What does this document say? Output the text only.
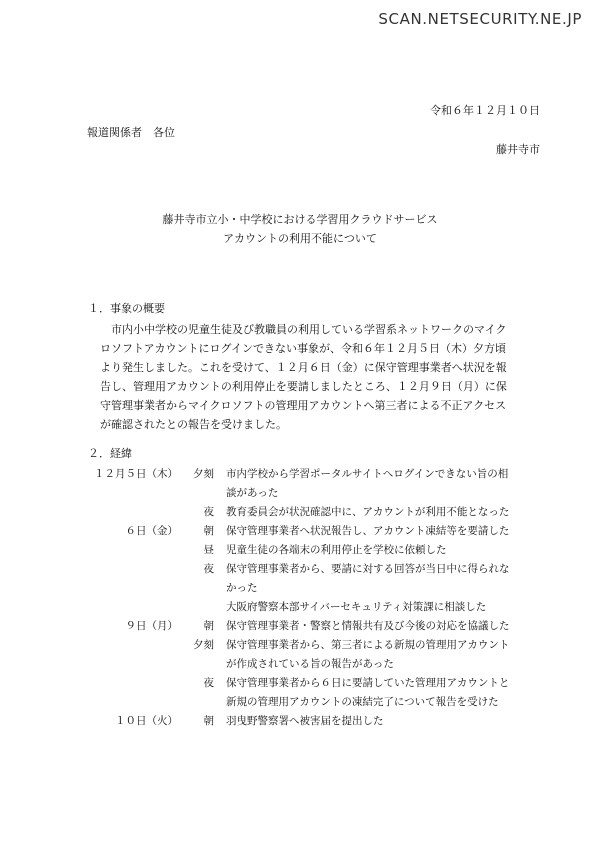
SCAN.NETSECURITY.NE.JP
令和６年１２月１０日
報道関係者　各位
藤井寺市
藤井寺市立小・中学校における学習用クラウドサービス
アカウントの利用不能について
１．事象の概要
市内小中学校の児童生徒及び教職員の利用している学習系ネットワークのマイクロソフトアカウントにログインできない事象が、令和６年１２月５日（木）夕方頃より発生しました。これを受けて、１２月６日（金）に保守管理事業者へ状況を報告し、管理用アカウントの利用停止を要請しましたところ、１２月９日（月）に保守管理事業者からマイクロソフトの管理用アカウントへ第三者による不正アクセスが確認されたとの報告を受けました。
２．経緯
１２月５日（木）	夕刻 市内学校から学習ポータルサイトへログインできない旨の相談があった
夜 教育委員会が状況確認中に、アカウントが利用不能となった
６日（金）	朝 保守管理事業者へ状況報告し、アカウント凍結等を要請した
昼 児童生徒の各端末の利用停止を学校に依頼した
夜 保守管理事業者から、要請に対する回答が当日中に得られなかった
大阪府警察本部サイバーセキュリティ対策課に相談した
９日（月）	朝 保守管理事業者・警察と情報共有及び今後の対応を協議した
夕刻 保守管理事業者から、第三者による新規の管理用アカウントが作成されている旨の報告があった
夜 保守管理事業者から６日に要請していた管理用アカウントと新規の管理用アカウントの凍結完了について報告を受けた
１０日（火）	朝 羽曳野警察署へ被害届を提出した
